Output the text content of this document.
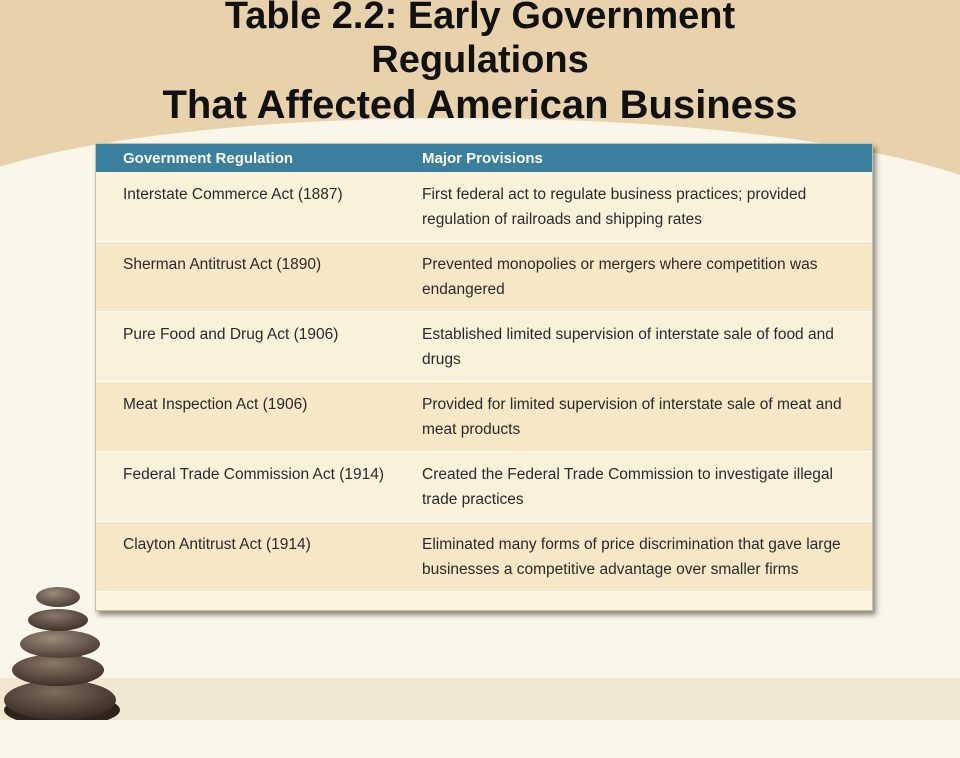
Table 2.2: Early Government
Regulations
That Affected American Business
Government Regulation	Major Provisions
Interstate Commerce Act (1887)	First federal act to regulate business practices; provided regulation of railroads and shipping rates
Sherman Antitrust Act (1890)	Prevented monopolies or mergers where competition was endangered
Pure Food and Drug Act (1906)	Established limited supervision of interstate sale of food and drugs
Meat Inspection Act (1906)	Provided for limited supervision of interstate sale of meat and meat products
Federal Trade Commission Act (1914)	Created the Federal Trade Commission to investigate illegal trade practices
Clayton Antitrust Act (1914)	Eliminated many forms of price discrimination that gave large businesses a competitive advantage over smaller firms
